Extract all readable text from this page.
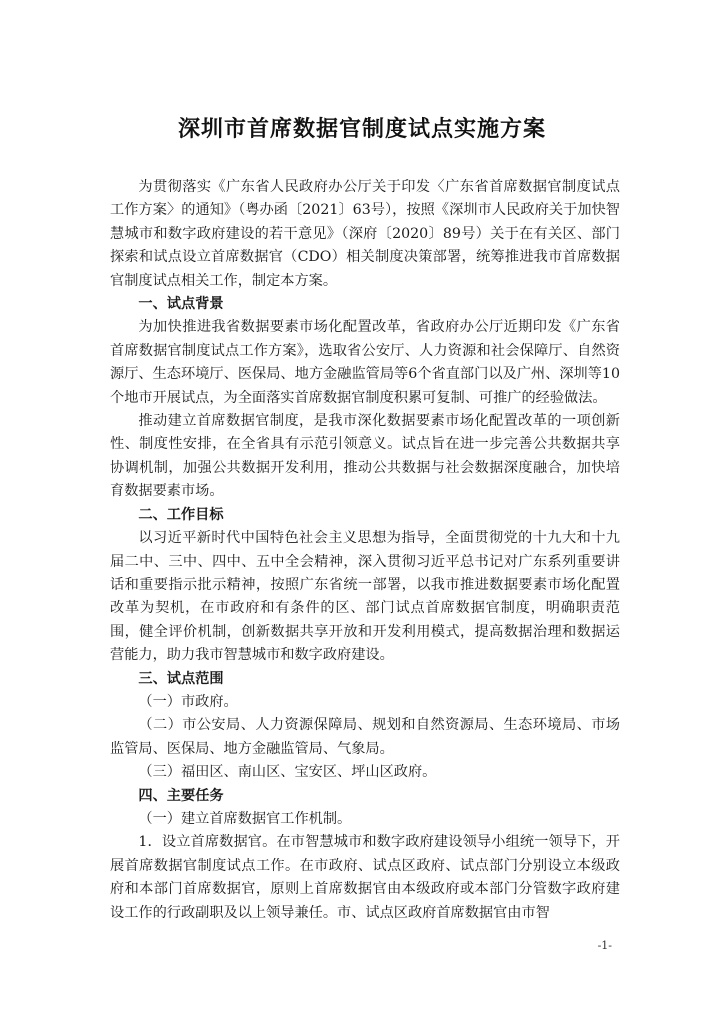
深圳市首席数据官制度试点实施方案

为贯彻落实《广东省人民政府办公厅关于印发〈广东省首席数据官制度试点工作方案〉的通知》（粤办函〔2021〕63号），按照《深圳市人民政府关于加快智慧城市和数字政府建设的若干意见》（深府〔2020〕89号）关于在有关区、部门探索和试点设立首席数据官（CDO）相关制度决策部署，统筹推进我市首席数据官制度试点相关工作，制定本方案。

一、试点背景

为加快推进我省数据要素市场化配置改革，省政府办公厅近期印发《广东省首席数据官制度试点工作方案》，选取省公安厅、人力资源和社会保障厅、自然资源厅、生态环境厅、医保局、地方金融监管局等6个省直部门以及广州、深圳等10个地市开展试点，为全面落实首席数据官制度积累可复制、可推广的经验做法。

推动建立首席数据官制度，是我市深化数据要素市场化配置改革的一项创新性、制度性安排，在全省具有示范引领意义。试点旨在进一步完善公共数据共享协调机制，加强公共数据开发利用，推动公共数据与社会数据深度融合，加快培育数据要素市场。

二、工作目标

以习近平新时代中国特色社会主义思想为指导，全面贯彻党的十九大和十九届二中、三中、四中、五中全会精神，深入贯彻习近平总书记对广东系列重要讲话和重要指示批示精神，按照广东省统一部署，以我市推进数据要素市场化配置改革为契机，在市政府和有条件的区、部门试点首席数据官制度，明确职责范围，健全评价机制，创新数据共享开放和开发利用模式，提高数据治理和数据运营能力，助力我市智慧城市和数字政府建设。

三、试点范围

（一）市政府。

（二）市公安局、人力资源保障局、规划和自然资源局、生态环境局、市场监管局、医保局、地方金融监管局、气象局。

（三）福田区、南山区、宝安区、坪山区政府。

四、主要任务

（一）建立首席数据官工作机制。

1．设立首席数据官。在市智慧城市和数字政府建设领导小组统一领导下，开展首席数据官制度试点工作。在市政府、试点区政府、试点部门分别设立本级政府和本部门首席数据官，原则上首席数据官由本级政府或本部门分管数字政府建设工作的行政副职及以上领导兼任。市、试点区政府首席数据官由市智

-1-
